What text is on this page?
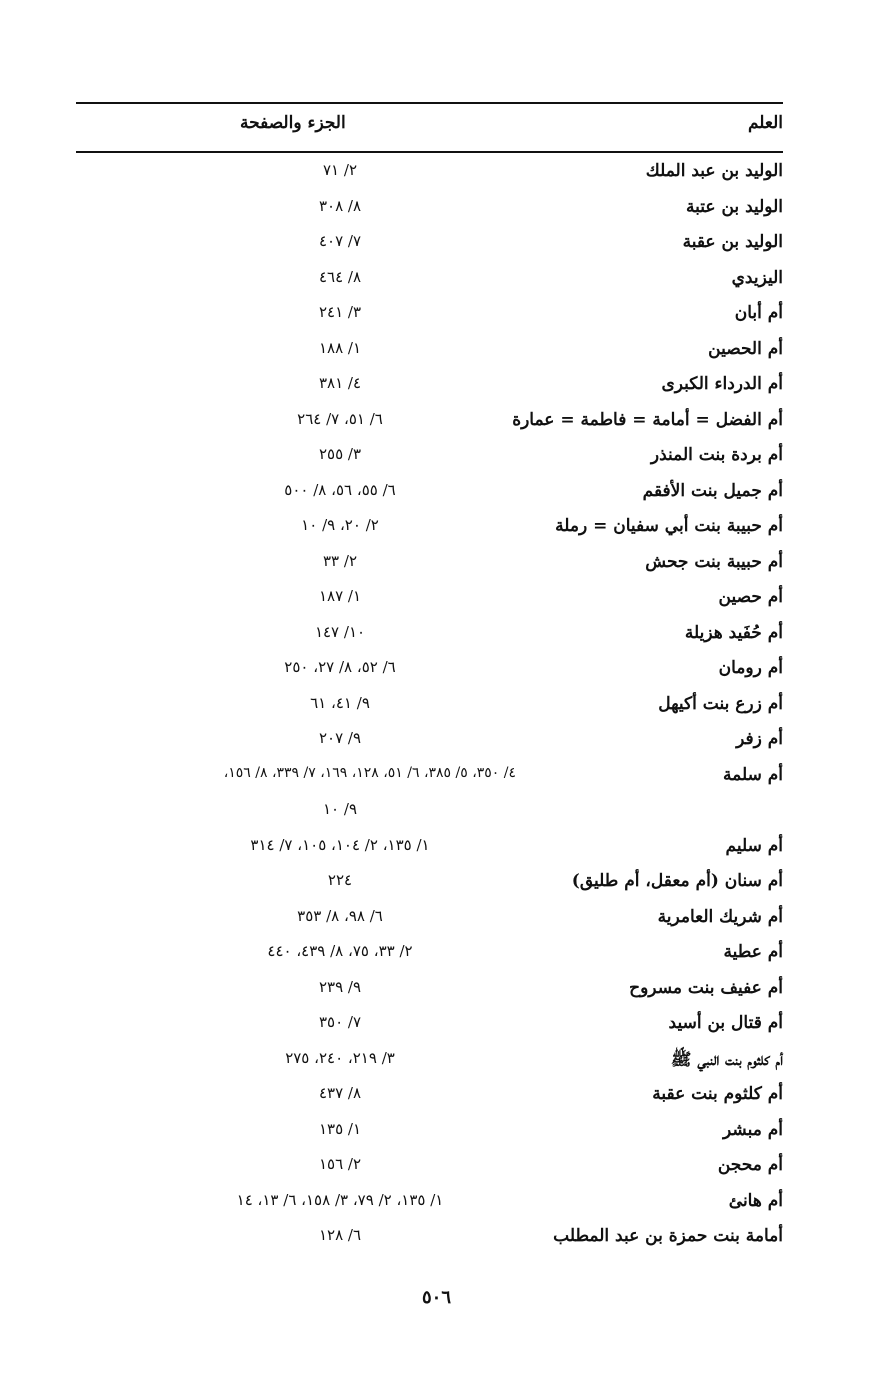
العلم
الجزء والصفحة
الوليد بن عبد الملك
٢/ ٧١
الوليد بن عتبة
٨/ ٣٠٨
الوليد بن عقبة
٧/ ٤٠٧
اليزيدي
٨/ ٤٦٤
أم أبان
٣/ ٢٤١
أم الحصين
١/ ١٨٨
أم الدرداء الكبرى
٤/ ٣٨١
أم الفضل = أمامة = فاطمة = عمارة
٦/ ٥١، ٧/ ٢٦٤
أم بردة بنت المنذر
٣/ ٢٥٥
أم جميل بنت الأفقم
٦/ ٥٥، ٥٦، ٨/ ٥٠٠
أم حبيبة بنت أبي سفيان = رملة
٢/ ٢٠، ٩/ ١٠
أم حبيبة بنت جحش
٢/ ٣٣
أم حصين
١/ ١٨٧
أم حُفَيد هزيلة
١٠/ ١٤٧
أم رومان
٦/ ٥٢، ٨/ ٢٧، ٢٥٠
أم زرع بنت أكيهل
٩/ ٤١، ٦١
أم زفر
٩/ ٢٠٧
أم سلمة
٤/ ٣٥٠، ٥/ ٣٨٥، ٦/ ٥١، ١٢٨، ١٦٩، ٧/ ٣٣٩، ٨/ ١٥٦،
٩/ ١٠
أم سليم
١/ ١٣٥، ٢/ ١٠٤، ١٠٥، ٧/ ٣١٤
أم سنان (أم معقل، أم طليق)
٢٢٤
أم شريك العامرية
٦/ ٩٨، ٨/ ٣٥٣
أم عطية
٢/ ٣٣، ٧٥، ٨/ ٤٣٩، ٤٤٠
أم عفيف بنت مسروح
٩/ ٢٣٩
أم قتال بن أسيد
٧/ ٣٥٠
أم كلثوم بنت النبي ﷺ
٣/ ٢١٩، ٢٤٠، ٢٧٥
أم كلثوم بنت عقبة
٨/ ٤٣٧
أم مبشر
١/ ١٣٥
أم محجن
٢/ ١٥٦
أم هانئ
١/ ١٣٥، ٢/ ٧٩، ٣/ ١٥٨، ٦/ ١٣، ١٤
أمامة بنت حمزة بن عبد المطلب
٦/ ١٢٨
٥٠٦
